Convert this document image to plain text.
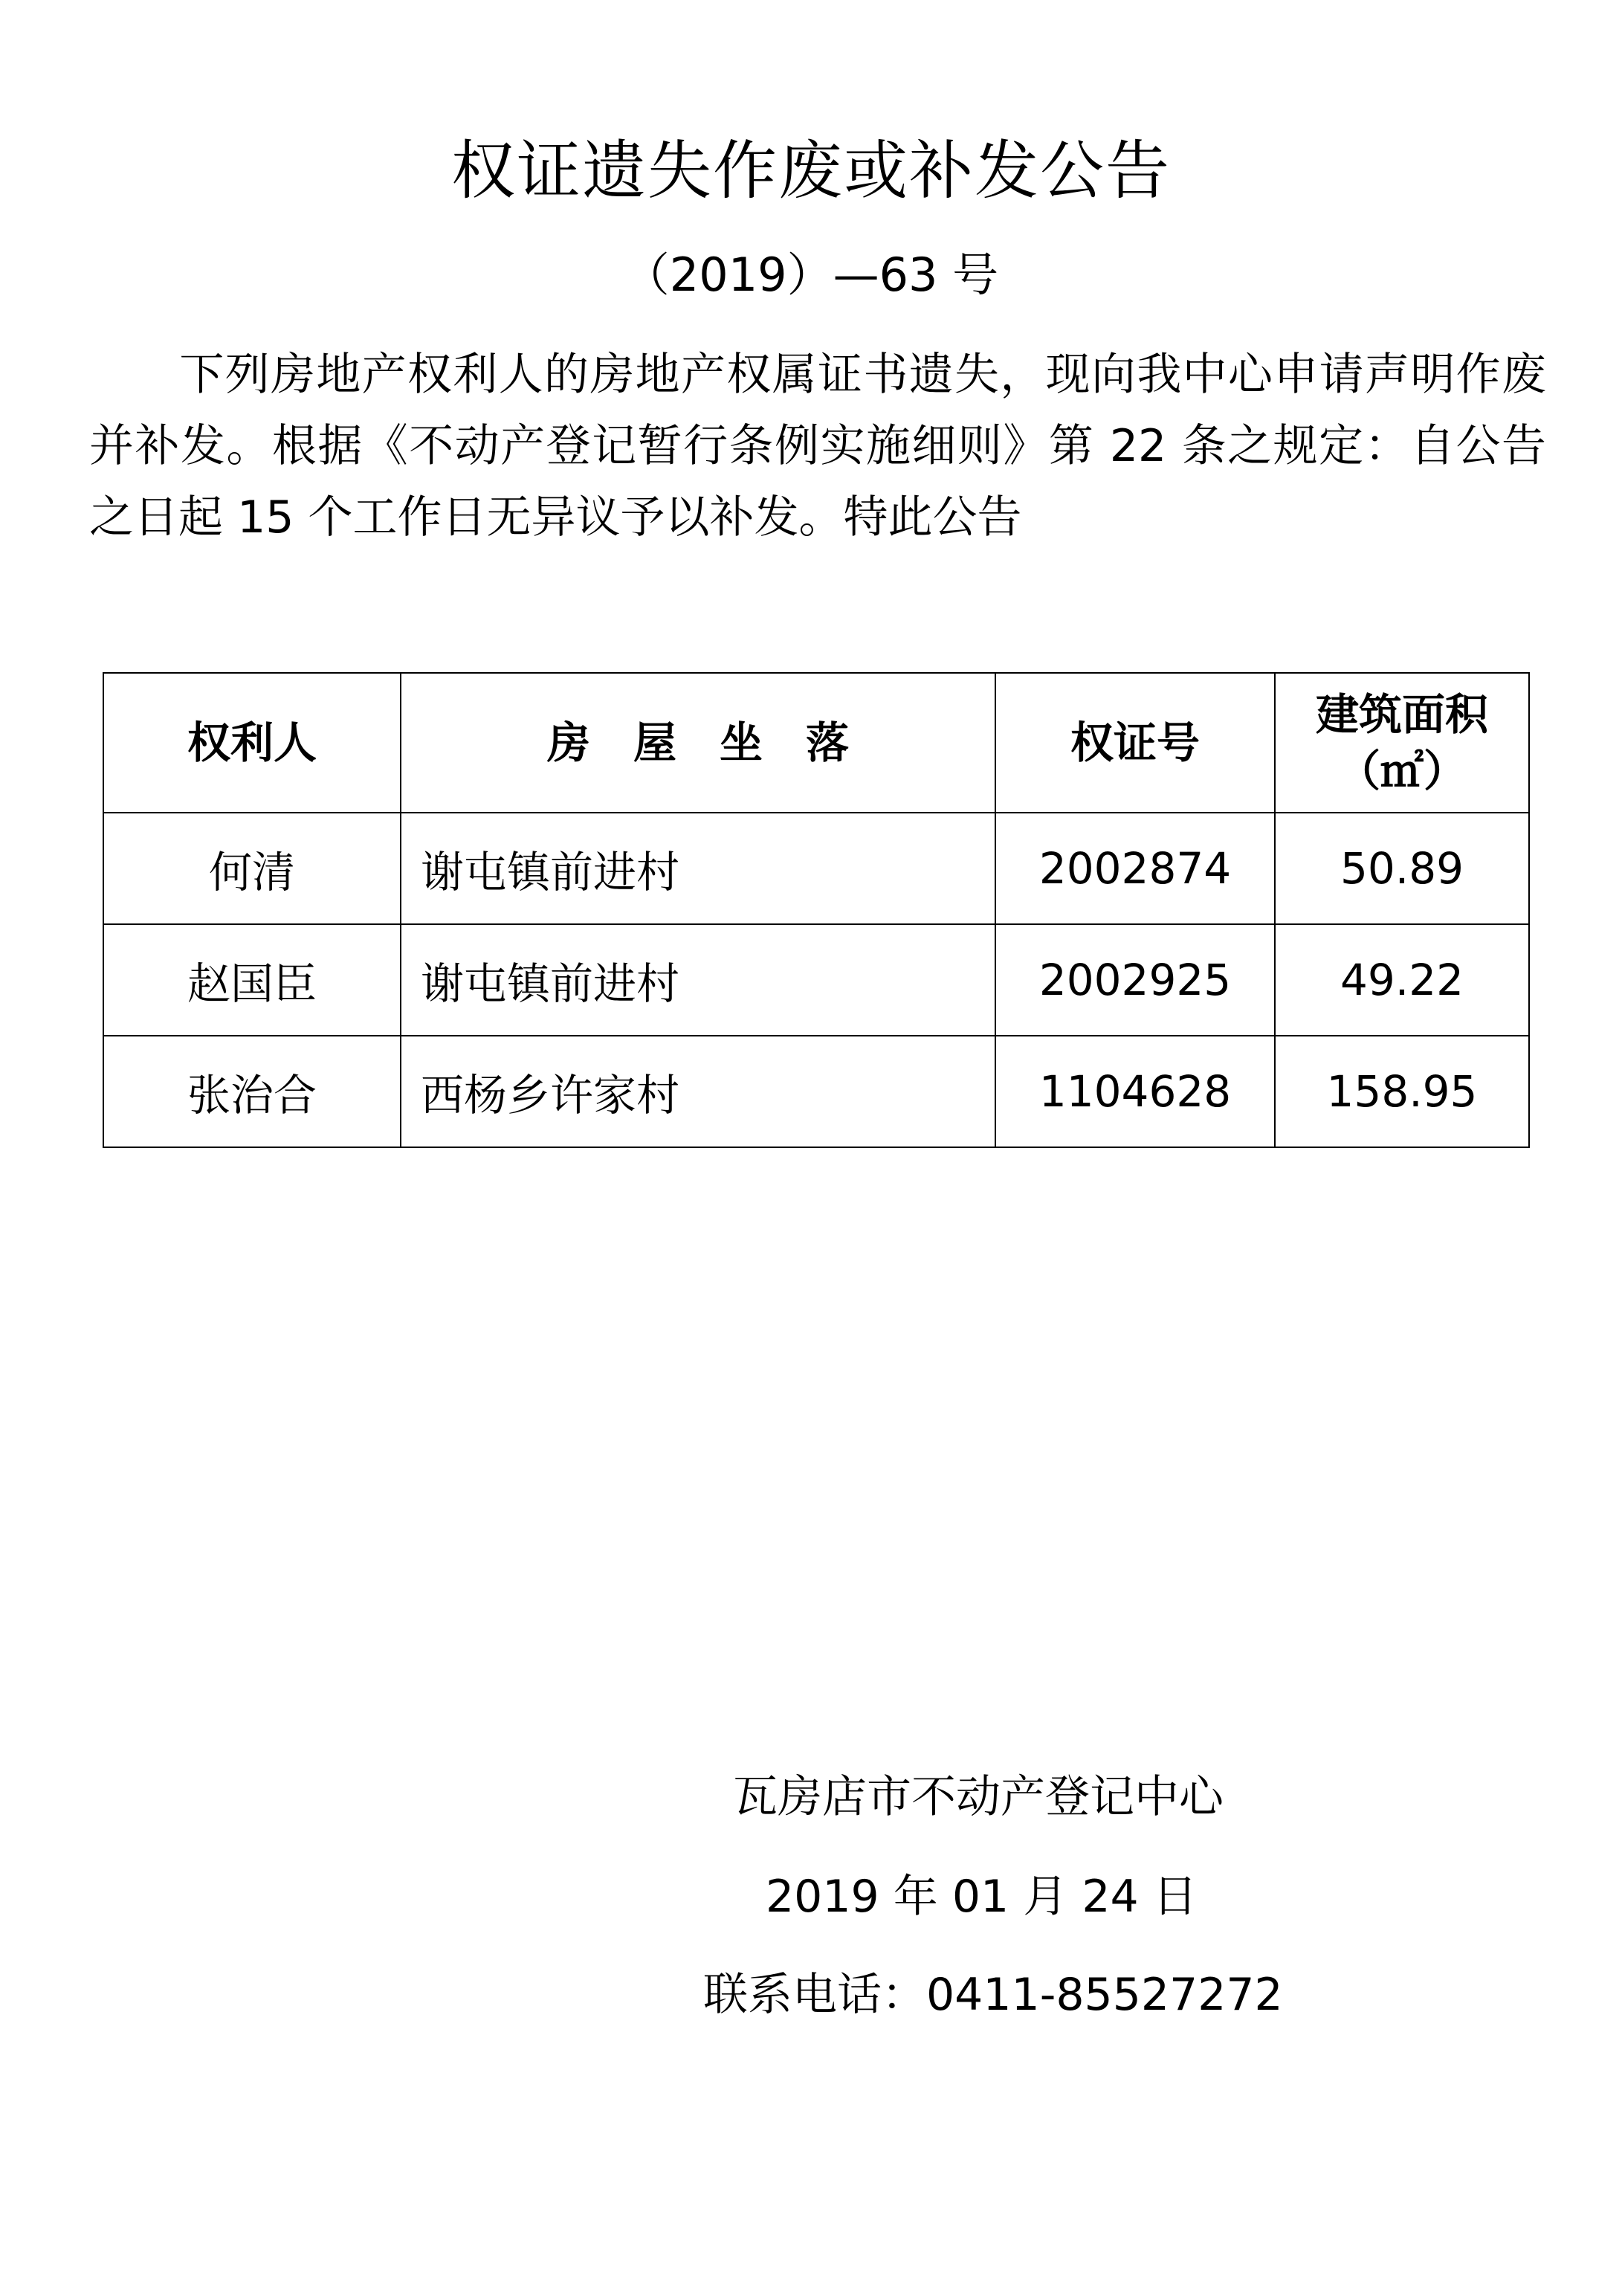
权证遗失作废或补发公告
（2019）—63 号
下列房地产权利人的房地产权属证书遗失，现向我中心申请声明作废并补发。根据《不动产登记暂行条例实施细则》第 22 条之规定：自公告之日起 15 个工作日无异议予以补发。特此公告
权利人	房　屋　坐　落	权证号	建筑面积
（㎡）

何清	谢屯镇前进村	2002874	50.89
赵国臣	谢屯镇前进村	2002925	49.22
张治合	西杨乡许家村	1104628	158.95
瓦房店市不动产登记中心
2019 年 01 月 24 日
联系电话：0411-85527272
